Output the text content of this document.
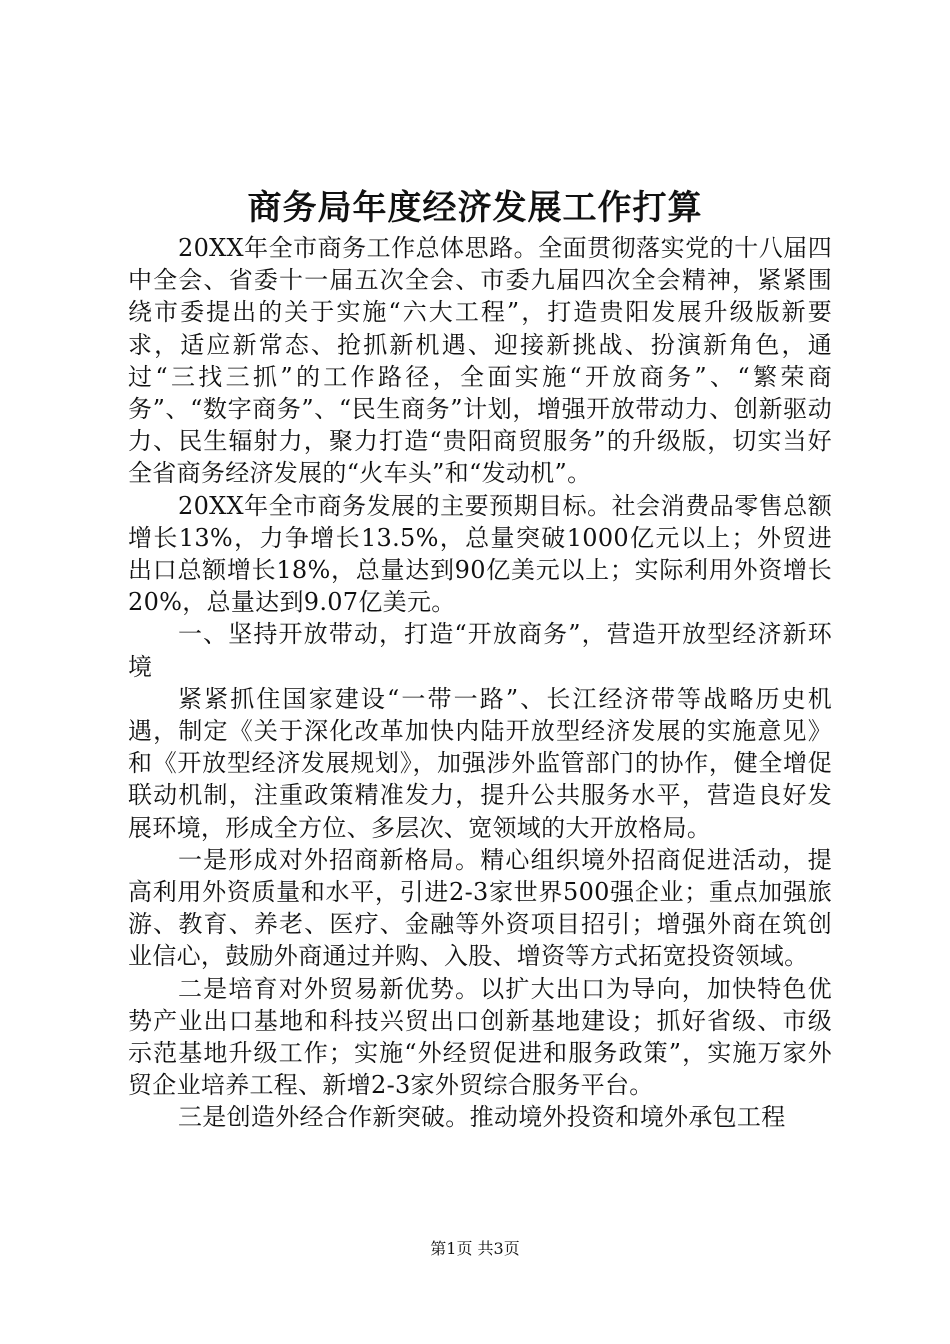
商务局年度经济发展工作打算

20XX年全市商务工作总体思路。全面贯彻落实党的十八届四中全会、省委十一届五次全会、市委九届四次全会精神，紧紧围绕市委提出的关于实施“六大工程”，打造贵阳发展升级版新要求，适应新常态、抢抓新机遇、迎接新挑战、扮演新角色，通过“三找三抓”的工作路径，全面实施“开放商务”、“繁荣商务”、“数字商务”、“民生商务”计划，增强开放带动力、创新驱动力、民生辐射力，聚力打造“贵阳商贸服务”的升级版，切实当好全省商务经济发展的“火车头”和“发动机”。

20XX年全市商务发展的主要预期目标。社会消费品零售总额增长13%，力争增长13.5%，总量突破1000亿元以上；外贸进出口总额增长18%，总量达到90亿美元以上；实际利用外资增长20%，总量达到9.07亿美元。

一、坚持开放带动，打造“开放商务”，营造开放型经济新环境

紧紧抓住国家建设“一带一路”、长江经济带等战略历史机遇，制定《关于深化改革加快内陆开放型经济发展的实施意见》和《开放型经济发展规划》，加强涉外监管部门的协作，健全增促联动机制，注重政策精准发力，提升公共服务水平，营造良好发展环境，形成全方位、多层次、宽领域的大开放格局。

一是形成对外招商新格局。精心组织境外招商促进活动，提高利用外资质量和水平，引进2-3家世界500强企业；重点加强旅游、教育、养老、医疗、金融等外资项目招引；增强外商在筑创业信心，鼓励外商通过并购、入股、增资等方式拓宽投资领域。

二是培育对外贸易新优势。以扩大出口为导向，加快特色优势产业出口基地和科技兴贸出口创新基地建设；抓好省级、市级示范基地升级工作；实施“外经贸促进和服务政策”，实施万家外贸企业培养工程、新增2-3家外贸综合服务平台。

三是创造外经合作新突破。推动境外投资和境外承包工程

第1页 共3页
